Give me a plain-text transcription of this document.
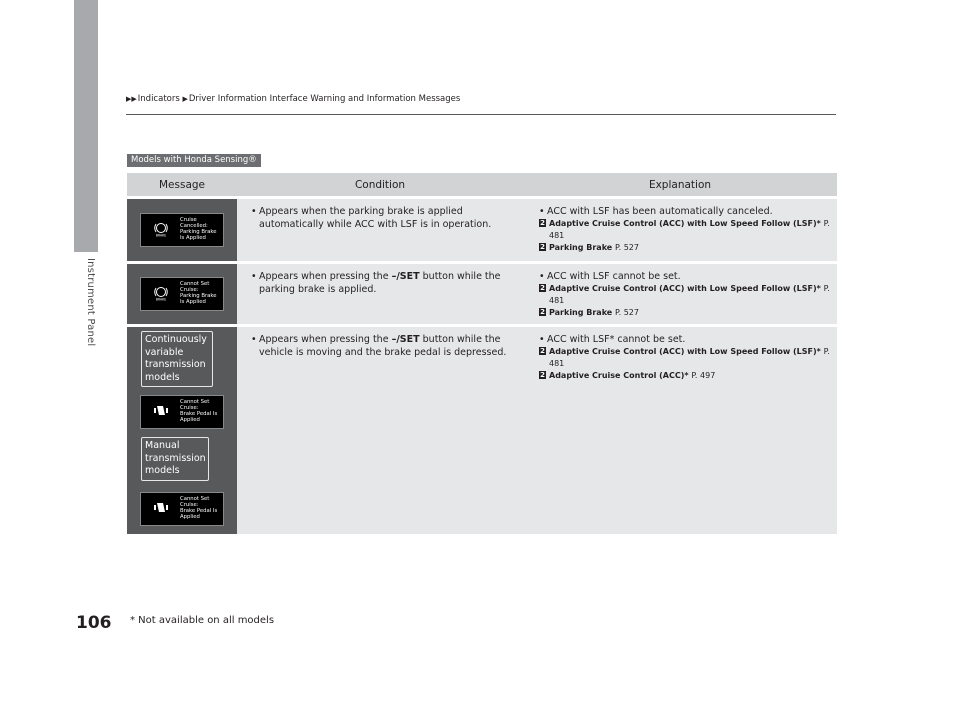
Instrument Panel
▶▶Indicators ▶Driver Information Interface Warning and Information Messages
Models with Honda Sensing®
Message	Condition	Explanation
BRAKE
Cruise
Cancelled:
Parking Brake
Is Applied
• Appears when the parking brake is applied automatically while ACC with LSF is in operation.
• ACC with LSF has been automatically canceled.
2 Adaptive Cruise Control (ACC) with Low Speed Follow (LSF)* P. 481
2 Parking Brake P. 527
BRAKE
Cannot Set
Cruise:
Parking Brake
Is Applied
• Appears when pressing the –/SET button while the parking brake is applied.
• ACC with LSF cannot be set.
2 Adaptive Cruise Control (ACC) with Low Speed Follow (LSF)* P. 481
2 Parking Brake P. 527
Continuously variable transmission models
Cannot Set
Cruise:
Brake Pedal Is
Applied
Manual transmission models
Cannot Set
Cruise:
Brake Pedal Is
Applied
• Appears when pressing the –/SET button while the vehicle is moving and the brake pedal is depressed.
• ACC with LSF* cannot be set.
2 Adaptive Cruise Control (ACC) with Low Speed Follow (LSF)* P. 481
2 Adaptive Cruise Control (ACC)* P. 497
106 * Not available on all models
